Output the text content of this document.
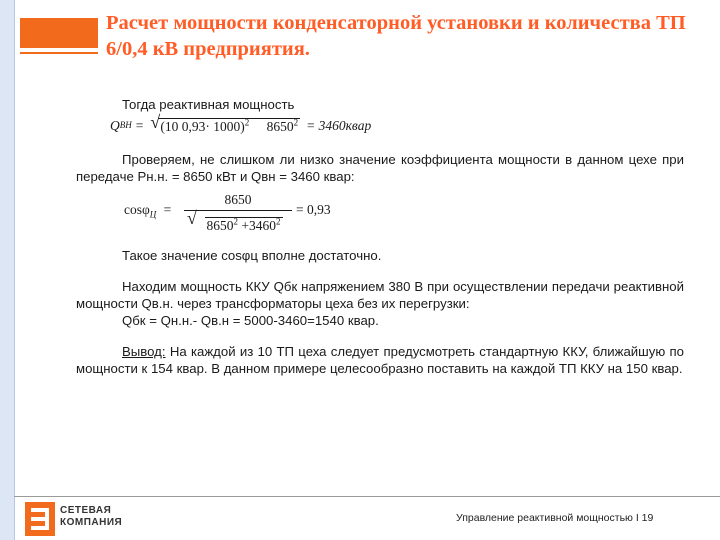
Расчет мощности конденсаторной установки и количества ТП 6/0,4 кВ предприятия.

Тогда реактивная мощность

Q ВН = √ (10 0,93· 1000)$^2$ $8650^2$ = 3460квар

Проверяем, не слишком ли низко значение коэффициента мощности в данном цехе при передаче Рн.н. = 8650 кВт и Qвн = 3460 квар:

$\cos\varphi_Ц = \frac{8650}{√ 8650^2 +3460^2} = 0,93$

Такое значение cosφц вполне достаточно.

Находим мощность ККУ Qбк напряжением 380 В при осуществлении передачи реактивной мощности Qв.н. через трансформаторы цеха без их перегрузки:

Qбк = Qн.н.- Qв.н = 5000-3460=1540 квар.

Вывод: На каждой из 10 ТП цеха следует предусмотреть стандартную ККУ, ближайшую по мощности к 154 квар. В данном примере целесообразно поставить на каждой ТП ККУ на 150 квар.

СЕТЕВАЯ
КОМПАНИЯ	Управление реактивной мощностью I 19
